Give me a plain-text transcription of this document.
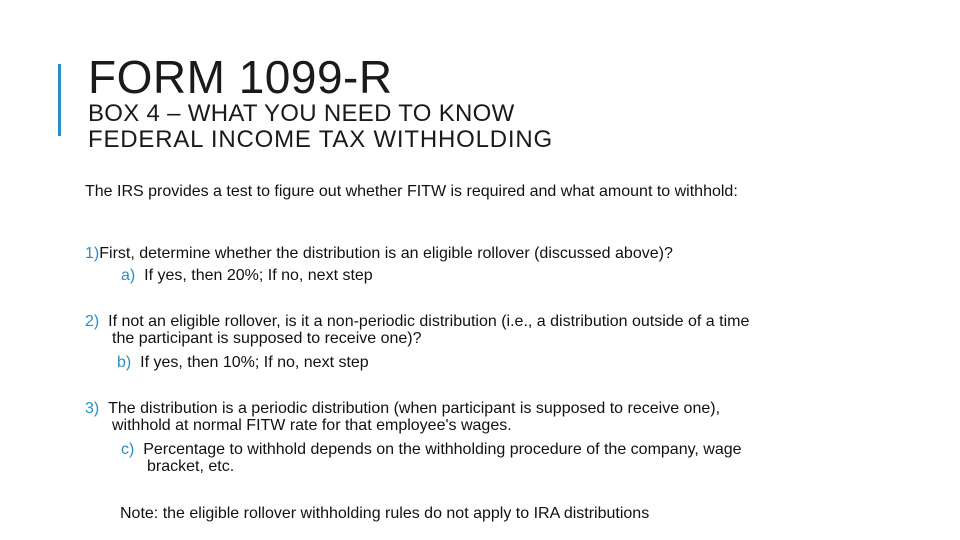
FORM 1099-R
BOX 4 – WHAT YOU NEED TO KNOW
FEDERAL INCOME TAX WITHHOLDING
The IRS provides a test to figure out whether FITW is required and what amount to withhold:
1)First, determine whether the distribution is an eligible rollover (discussed above)?
a) If yes, then 20%; If no, next step
2) If not an eligible rollover, is it a non-periodic distribution (i.e., a distribution outside of a time
the participant is supposed to receive one)?
b) If yes, then 10%; If no, next step
3) The distribution is a periodic distribution (when participant is supposed to receive one),
withhold at normal FITW rate for that employee's wages.
c) Percentage to withhold depends on the withholding procedure of the company, wage
bracket, etc.
Note: the eligible rollover withholding rules do not apply to IRA distributions
